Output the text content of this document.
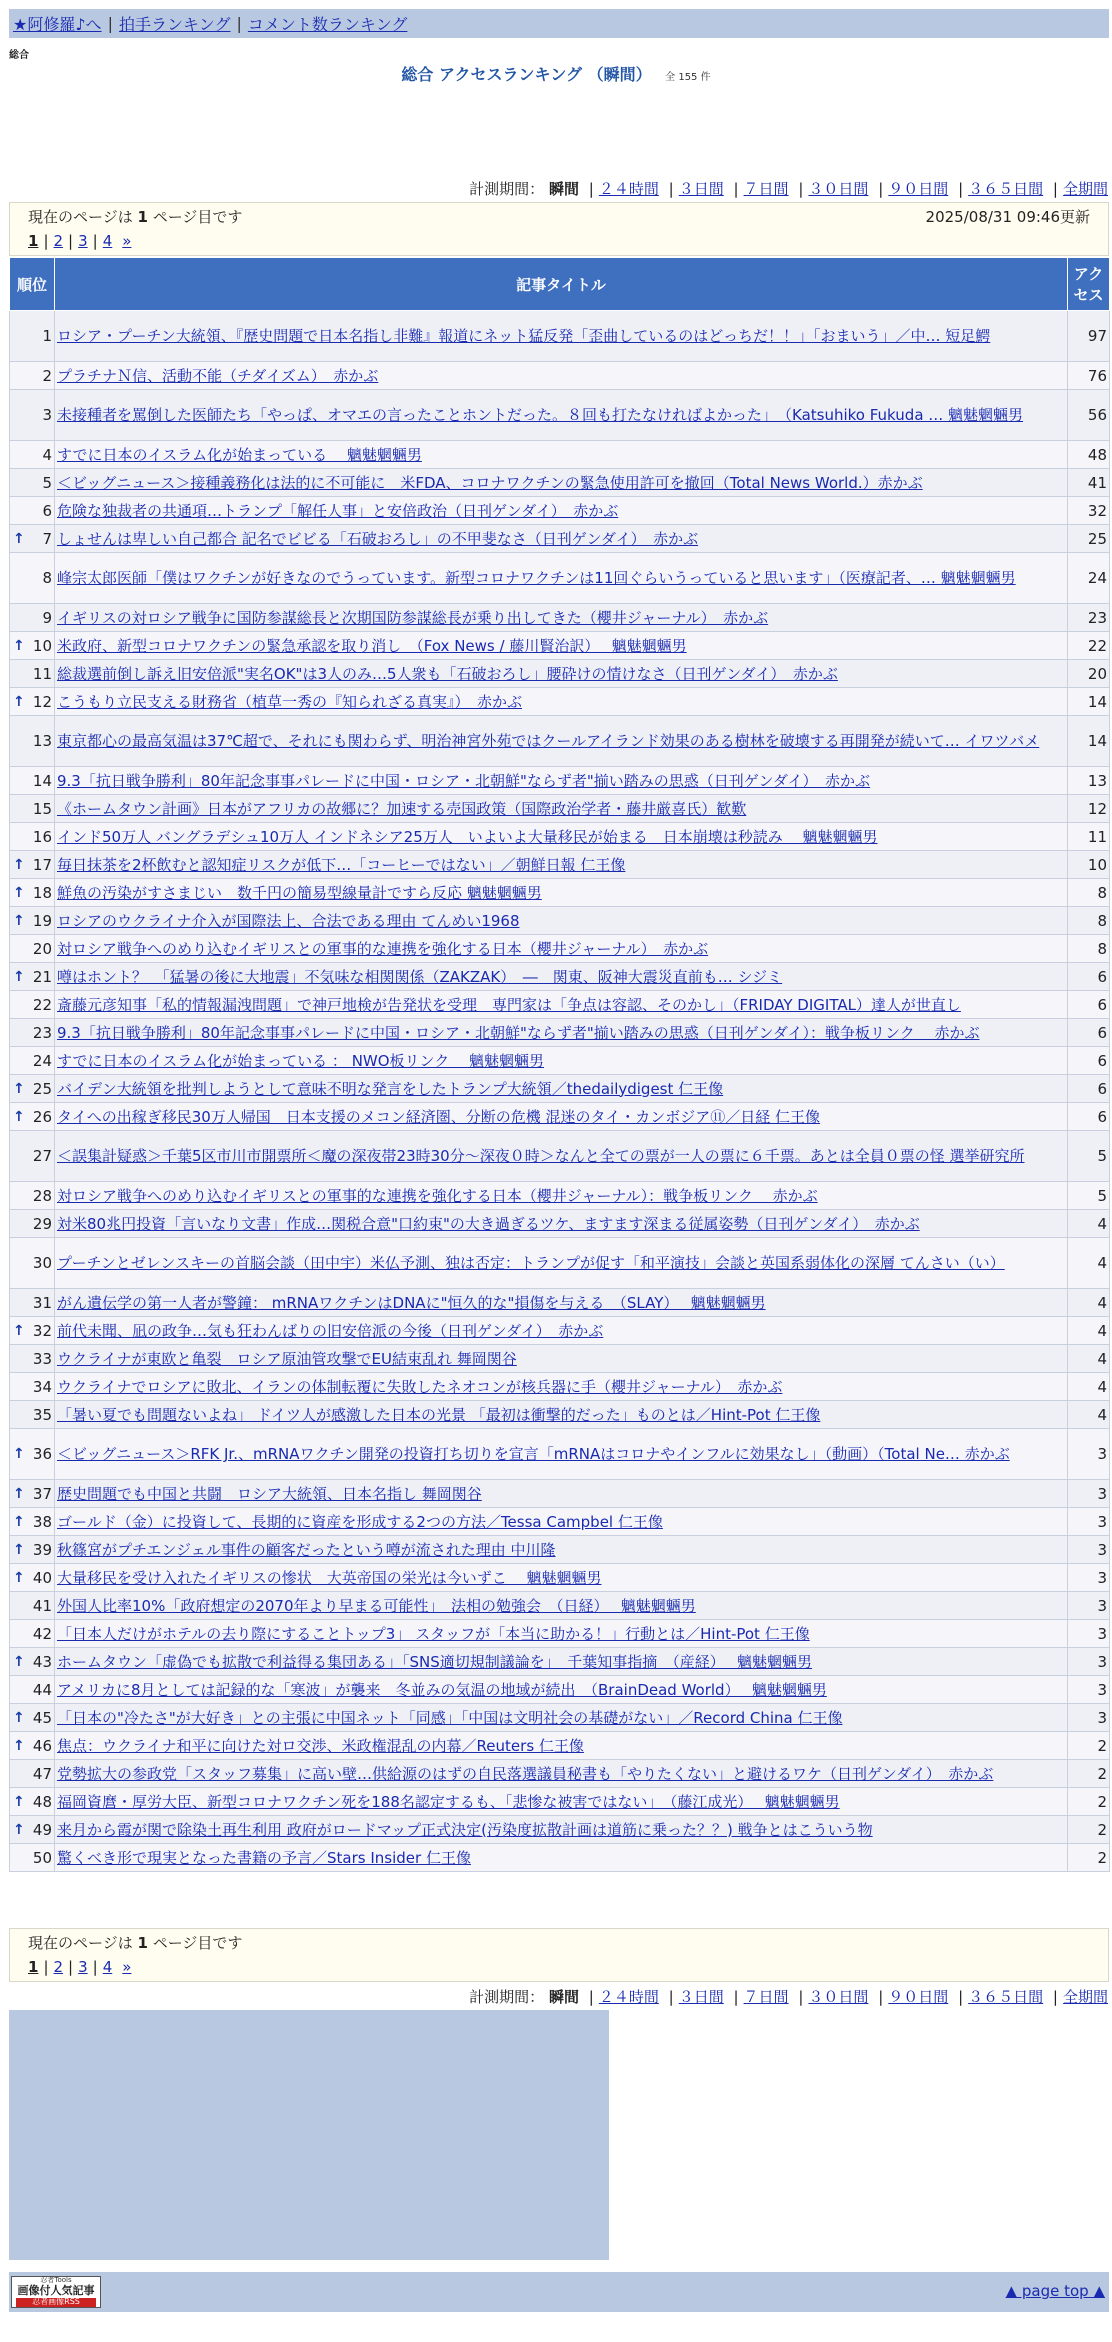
★阿修羅♪へ | 拍手ランキング | コメント数ランキング
総合
総合 アクセスランキング （瞬間） 全 155 件
計測期間： 瞬間 | ２４時間 | ３日間 | ７日間 | ３０日間 | ９０日間 | ３６５日間 | 全期間
現在のページは 1 ページ目です	2025/08/31 09:46更新
1 | 2 | 3 | 4 »
順位	記事タイトル	アクセス
1	ロシア・プーチン大統領、『歴史問題で日本名指し非難』報道にネット猛反発「歪曲しているのはどっちだ！！」「おまいう」／中… 短足鰐	97
2	プラチナＮ信、活動不能（チダイズム）　赤かぶ	76
3	未接種者を罵倒した医師たち「やっぱ、オマエの言ったことホントだった。８回も打たなければよかった」　（Katsuhiko Fukuda … 魑魅魍魎男	56
4	すでに日本のイスラム化が始まっている　 魑魅魍魎男	48
5	＜ビッグニュース＞接種義務化は法的に不可能に　米FDA、コロナワクチンの緊急使用許可を撤回（Total News World.）赤かぶ	41
6	危険な独裁者の共通項…トランプ「解任人事」と安倍政治（日刊ゲンダイ）　赤かぶ	32

↑ 7	しょせんは卑しい自己都合 記名でビビる「石破おろし」の不甲斐なさ（日刊ゲンダイ）　赤かぶ	25
8	峰宗太郎医師「僕はワクチンが好きなのでうっています。新型コロナワクチンは11回ぐらいうっていると思います」（医療記者、… 魑魅魍魎男	24
9	イギリスの対ロシア戦争に国防参謀総長と次期国防参謀総長が乗り出してきた（櫻井ジャーナル）　赤かぶ	23

↑ 10	米政府、新型コロナワクチンの緊急承認を取り消し　（Fox News / 藤川賢治訳）　 魑魅魍魎男	22
11	総裁選前倒し訴え旧安倍派"実名OK"は3人のみ…5人衆も「石破おろし」腰砕けの情けなさ（日刊ゲンダイ）　赤かぶ	20

↑ 12	こうもり立民支える財務省（植草一秀の『知られざる真実』）　赤かぶ	14
13	東京都心の最高気温は37℃超で、それにも関わらず、明治神宮外苑ではクールアイランド効果のある樹林を破壊する再開発が続いて… イワツバメ	14
14	9.3「抗日戦争勝利」80年記念事事パレードに中国・ロシア・北朝鮮"ならず者"揃い踏みの思惑（日刊ゲンダイ）　赤かぶ	13
15	《ホームタウン計画》日本がアフリカの故郷に？加速する売国政策（国際政治学者・藤井厳喜氏）歓歎	12
16	インド50万人 バングラデシュ10万人 インドネシア25万人　いよいよ大量移民が始まる　日本崩壊は秒読み　 魑魅魍魎男	11

↑ 17	毎日抹茶を2杯飲むと認知症リスクが低下…「コーヒーではない」／朝鮮日報 仁王像	10

↑ 18	鮮魚の汚染がすさまじい　数千円の簡易型線量計ですら反応 魑魅魍魎男	8

↑ 19	ロシアのウクライナ介入が国際法上、合法である理由 てんめい1968	8
20	対ロシア戦争へのめり込むイギリスとの軍事的な連携を強化する日本（櫻井ジャーナル）　赤かぶ	8

↑ 21	噂はホント？　「猛暑の後に大地震」不気味な相関関係（ZAKZAK）　―　関東、阪神大震災直前も… シジミ	6
22	斎藤元彦知事「私的情報漏洩問題」で神戸地検が告発状を受理　専門家は「争点は容認、そのかし」（FRIDAY DIGITAL）達人が世直し	6
23	9.3「抗日戦争勝利」80年記念事事パレードに中国・ロシア・北朝鮮"ならず者"揃い踏みの思惑（日刊ゲンダイ）：戦争板リンク　 赤かぶ	6
24	すでに日本のイスラム化が始まっている ： NWO板リンク　 魑魅魍魎男	6

↑ 25	バイデン大統領を批判しようとして意味不明な発言をしたトランプ大統領／thedailydigest 仁王像	6

↑ 26	タイへの出稼ぎ移民30万人帰国　日本支援のメコン経済圏、分断の危機 混迷のタイ・カンボジア⑪／日経 仁王像	6
27	＜誤集計疑惑＞千葉5区市川市開票所＜魔の深夜帯23時30分〜深夜０時＞なんと全ての票が一人の票に６千票。あとは全員０票の怪 選挙研究所	5
28	対ロシア戦争へのめり込むイギリスとの軍事的な連携を強化する日本（櫻井ジャーナル）：戦争板リンク　 赤かぶ	5
29	対米80兆円投資「言いなり文書」作成…関税合意"口約束"の大き過ぎるツケ、ますます深まる従属姿勢（日刊ゲンダイ）　赤かぶ	4
30	プーチンとゼレンスキーの首脳会談（田中宇）米仏予測、独は否定：トランプが促す「和平演技」会談と英国系弱体化の深層 てんさい（い）	4
31	がん遺伝学の第一人者が警鐘： mRNAワクチンはDNAに"恒久的な"損傷を与える　（SLAY）　 魑魅魍魎男	4

↑ 32	前代未聞、凪の政争…気も狂わんばりの旧安倍派の今後（日刊ゲンダイ）　赤かぶ	4
33	ウクライナが東欧と亀裂　ロシア原油管攻撃でEU結束乱れ 舞岡関谷	4
34	ウクライナでロシアに敗北、イランの体制転覆に失敗したネオコンが核兵器に手（櫻井ジャーナル）　赤かぶ	4
35	「暑い夏でも問題ないよね」 ドイツ人が感激した日本の光景 「最初は衝撃的だった」ものとは／Hint-Pot 仁王像	4

↑ 36	＜ビッグニュース＞RFK Jr.、mRNAワクチン開発の投資打ち切りを宣言「mRNAはコロナやインフルに効果なし」（動画）（Total Ne… 赤かぶ	3

↑ 37	歴史問題でも中国と共闘　ロシア大統領、日本名指し 舞岡関谷	3

↑ 38	ゴールド（金）に投資して、長期的に資産を形成する2つの方法／Tessa Campbel 仁王像	3

↑ 39	秋篠宮がプチエンジェル事件の顧客だったという噂が流された理由 中川隆	3

↑ 40	大量移民を受け入れたイギリスの惨状　大英帝国の栄光は今いずこ　 魑魅魍魎男	3
41	外国人比率10%「政府想定の2070年より早まる可能性」　法相の勉強会　（日経）　 魑魅魍魎男	3
42	「日本人だけがホテルの去り際にすることトップ3」 スタッフが「本当に助かる！」行動とは／Hint-Pot 仁王像	3

↑ 43	ホームタウン「虚偽でも拡散で利益得る集団ある」「SNS適切規制議論を」　千葉知事指摘　（産経）　 魑魅魍魎男	3
44	アメリカに8月としては記録的な「寒波」が襲来　冬並みの気温の地域が続出　（BrainDead World）　 魑魅魍魎男	3

↑ 45	「日本の"冷たさ"が大好き」との主張に中国ネット「同感」「中国は文明社会の基礎がない」／Record China 仁王像	3

↑ 46	焦点：ウクライナ和平に向けた対ロ交渉、米政権混乱の内幕／Reuters 仁王像	2
47	党勢拡大の参政党「スタッフ募集」に高い壁…供給源のはずの自民落選議員秘書も「やりたくない」と避けるワケ（日刊ゲンダイ）　赤かぶ	2

↑ 48	福岡資麿・厚労大臣、新型コロナワクチン死を188名認定するも、「悲惨な被害ではない」　（藤江成光）　 魑魅魍魎男	2

↑ 49	来月から霞が関で除染土再生利用 政府がロードマップ正式決定(汚染度拡散計画は道筋に乗った？？) 戦争とはこういう物	2
50	驚くべき形で現実となった書籍の予言／Stars Insider 仁王像	2
現在のページは 1 ページ目です
1 | 2 | 3 | 4 »
計測期間： 瞬間 | ２４時間 | ３日間 | ７日間 | ３０日間 | ９０日間 | ３６５日間 | 全期間
忍者Tools
画像付人気記事
忍者画像RSS
▲ page top ▲
